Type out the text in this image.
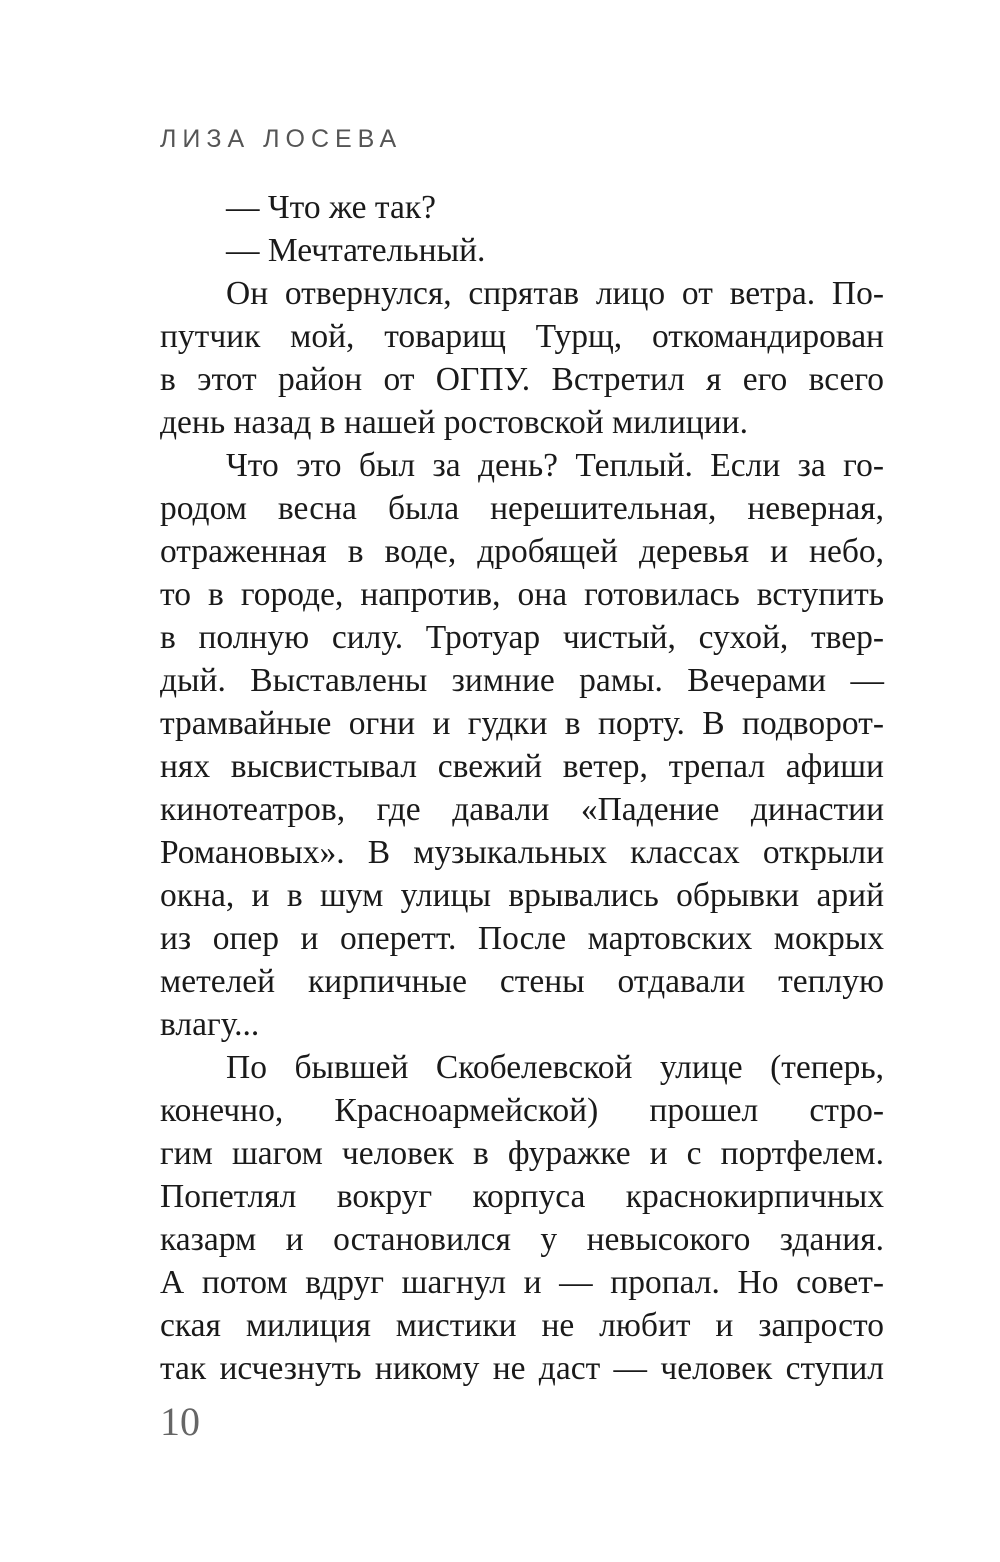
ЛИЗА ЛОСЕВА
— Что же так?
— Мечтательный.
Он отвернулся, спрятав лицо от ветра. По-
путчик мой, товарищ Турщ, откомандирован
в этот район от ОГПУ. Встретил я его всего
день назад в нашей ростовской милиции.
Что это был за день? Теплый. Если за го-
родом весна была нерешительная, неверная,
отраженная в воде, дробящей деревья и небо,
то в городе, напротив, она готовилась вступить
в полную силу. Тротуар чистый, сухой, твер-
дый. Выставлены зимние рамы. Вечерами —
трамвайные огни и гудки в порту. В подворот-
нях высвистывал свежий ветер, трепал афиши
кинотеатров, где давали «Падение династии
Романовых». В музыкальных классах открыли
окна, и в шум улицы врывались обрывки арий
из опер и оперетт. После мартовских мокрых
метелей кирпичные стены отдавали теплую
влагу...
По бывшей Скобелевской улице (теперь,
конечно, Красноармейской) прошел стро-
гим шагом человек в фуражке и с портфелем.
Попетлял вокруг корпуса краснокирпичных
казарм и остановился у невысокого здания.
А потом вдруг шагнул и — пропал. Но совет-
ская милиция мистики не любит и запросто
так исчезнуть никому не даст — человек ступил
10
